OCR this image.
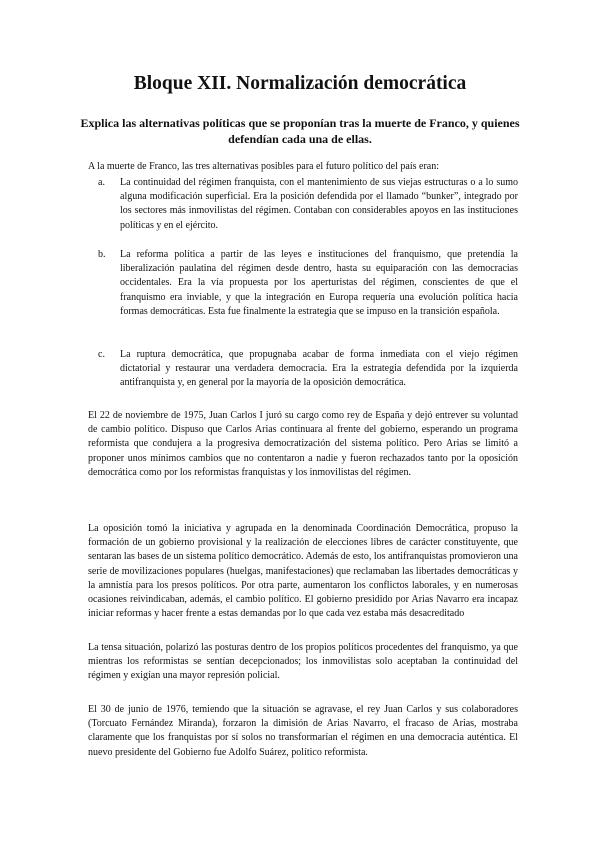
Bloque XII. Normalización democrática

Explica las alternativas políticas que se proponían tras la muerte de Franco, y quienes defendían cada una de ellas.

A la muerte de Franco, las tres alternativas posibles para el futuro político del país eran:

a.	La continuidad del régimen franquista, con el mantenimiento de sus viejas estructuras o a lo sumo alguna modificación superficial. Era la posición defendida por el llamado “bunker”, integrado por los sectores más inmovilistas del régimen. Contaban con considerables apoyos en las instituciones políticas y en el ejército.
b.	La reforma política a partir de las leyes e instituciones del franquismo, que pretendía la liberalización paulatina del régimen desde dentro, hasta su equiparación con las democracias occidentales. Era la vía propuesta por los aperturistas del régimen, conscientes de que el franquismo era inviable, y que la integración en Europa requería una evolución política hacia formas democráticas. Esta fue finalmente la estrategia que se impuso en la transición española.
c.	La ruptura democrática, que propugnaba acabar de forma inmediata con el viejo régimen dictatorial y restaurar una verdadera democracia. Era la estrategia defendida por la izquierda antifranquista y, en general por la mayoría de la oposición democrática.

El 22 de noviembre de 1975, Juan Carlos I juró su cargo como rey de España y dejó entrever su voluntad de cambio político. Dispuso que Carlos Arias continuara al frente del gobierno, esperando un programa reformista que condujera a la progresiva democratización del sistema político. Pero Arias se limitó a proponer unos mínimos cambios que no contentaron a nadie y fueron rechazados tanto por la oposición democrática como por los reformistas franquistas y los inmovilistas del régimen.

La oposición tomó la iniciativa y agrupada en la denominada Coordinación Democrática, propuso la formación de un gobierno provisional y la realización de elecciones libres de carácter constituyente, que sentaran las bases de un sistema político democrático. Además de esto, los antifranquistas promovieron una serie de movilizaciones populares (huelgas, manifestaciones) que reclamaban las libertades democráticas y la amnistía para los presos políticos. Por otra parte, aumentaron los conflictos laborales, y en numerosas ocasiones reivindicaban, además, el cambio político. El gobierno presidido por Arias Navarro era incapaz iniciar reformas y hacer frente a estas demandas por lo que cada vez estaba más desacreditado

La tensa situación, polarizó las posturas dentro de los propios políticos procedentes del franquismo, ya que mientras los reformistas se sentían decepcionados; los inmovilistas solo aceptaban la continuidad del régimen y exigían una mayor represión policial.

El 30 de junio de 1976, temiendo que la situación se agravase, el rey Juan Carlos y sus colaboradores (Torcuato Fernández Miranda), forzaron la dimisión de Arias Navarro, el fracaso de Arias, mostraba claramente que los franquistas por sí solos no transformarían el régimen en una democracia auténtica. El nuevo presidente del Gobierno fue Adolfo Suárez, político reformista.
